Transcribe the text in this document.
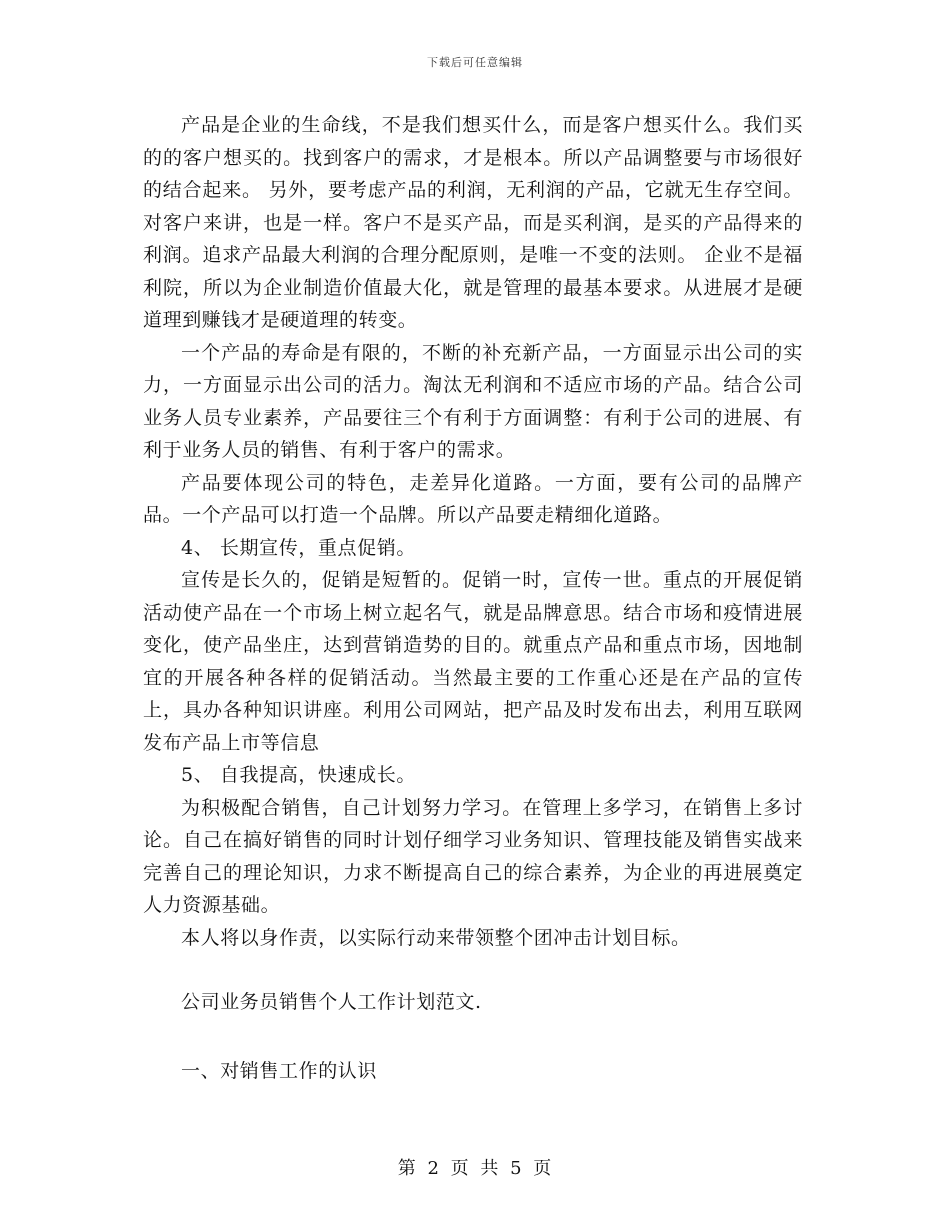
下载后可任意编辑

产品是企业的生命线，不是我们想买什么，而是客户想买什么。我们买的的客户想买的。找到客户的需求，才是根本。所以产品调整要与市场很好的结合起来。 另外，要考虑产品的利润，无利润的产品，它就无生存空间。对客户来讲，也是一样。客户不是买产品，而是买利润，是买的产品得来的利润。追求产品最大利润的合理分配原则，是唯一不变的法则。 企业不是福利院，所以为企业制造价值最大化，就是管理的最基本要求。从进展才是硬道理到赚钱才是硬道理的转变。

一个产品的寿命是有限的，不断的补充新产品，一方面显示出公司的实力，一方面显示出公司的活力。淘汰无利润和不适应市场的产品。结合公司业务人员专业素养，产品要往三个有利于方面调整：有利于公司的进展、有利于业务人员的销售、有利于客户的需求。

产品要体现公司的特色，走差异化道路。一方面，要有公司的品牌产品。一个产品可以打造一个品牌。所以产品要走精细化道路。

4、 长期宣传，重点促销。

宣传是长久的，促销是短暂的。促销一时，宣传一世。重点的开展促销活动使产品在一个市场上树立起名气，就是品牌意思。结合市场和疫情进展变化，使产品坐庄，达到营销造势的目的。就重点产品和重点市场，因地制宜的开展各种各样的促销活动。当然最主要的工作重心还是在产品的宣传上，具办各种知识讲座。利用公司网站，把产品及时发布出去，利用互联网发布产品上市等信息

5、 自我提高，快速成长。

为积极配合销售，自己计划努力学习。在管理上多学习，在销售上多讨论。自己在搞好销售的同时计划仔细学习业务知识、管理技能及销售实战来完善自己的理论知识，力求不断提高自己的综合素养，为企业的再进展奠定人力资源基础。

本人将以身作责，以实际行动来带领整个团冲击计划目标。

公司业务员销售个人工作计划范文.

一、对销售工作的认识

第 2 页 共 5 页
